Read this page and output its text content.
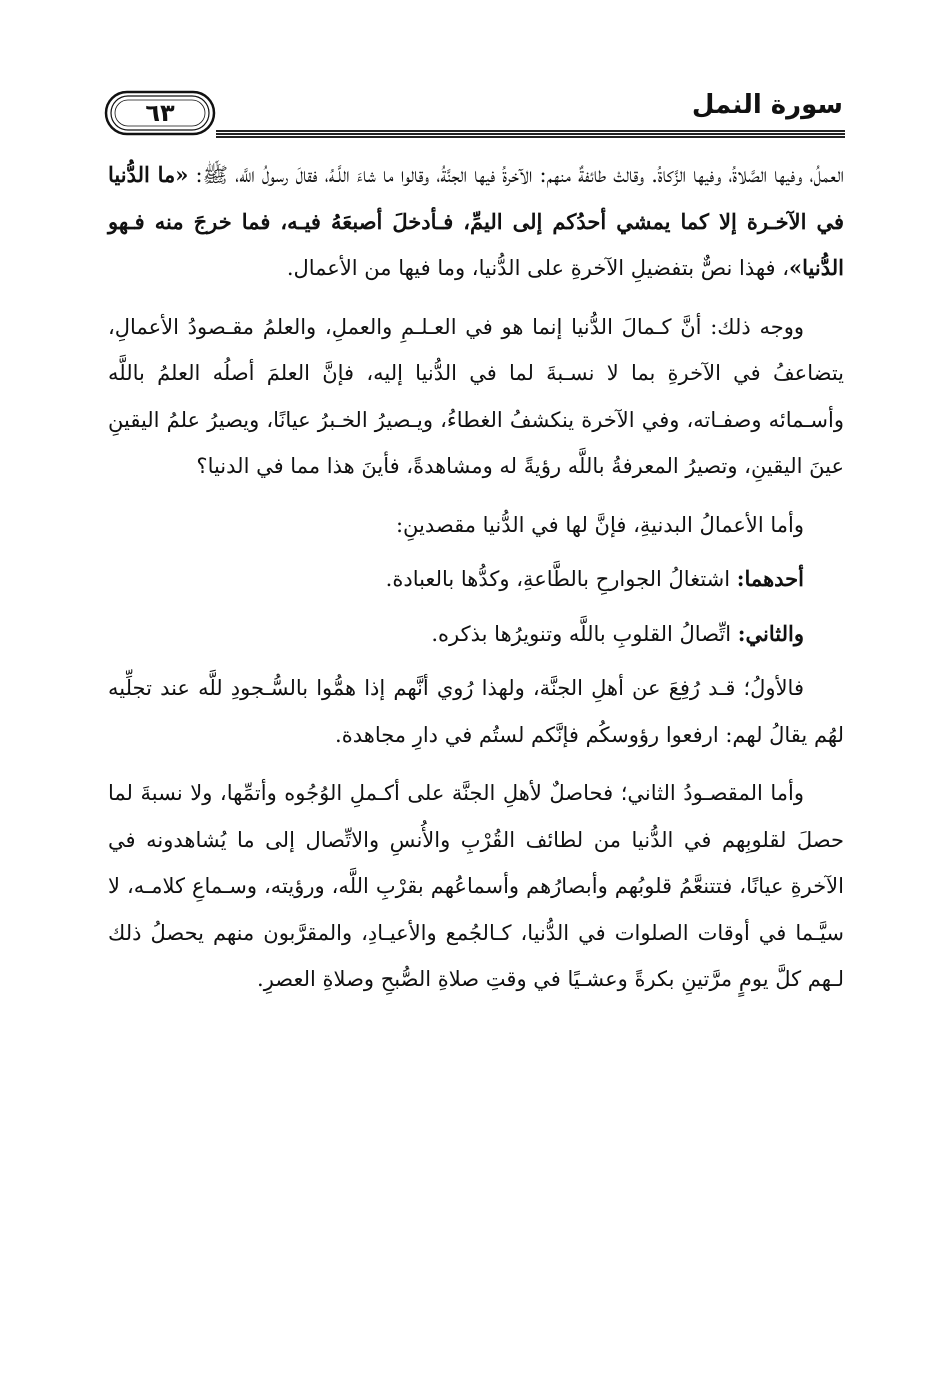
سورة النمل
٦٣

العملُ، وفيها الصَّلاةُ، وفيها الزَّكاةُ. وقالتْ طائفةٌ منهم: الآخرةُ فيها الجنَّةُ، وقالوا ما شاءَ اللَّـهُ، فقالَ رسولُ اللَّه، ﷺ: «ما الدُّنيا في الآخـرة إلا كما يمشي أحدُكم إلى اليمِّ، فـأدخلَ أصبعَهُ فيـه، فما خرجَ منه فـهو الدُّنيا»، فهذا نصٌّ بتفضيلِ الآخرةِ على الدُّنيا، وما فيها من الأعمال.

ووجه ذلك: أنَّ كـمالَ الدُّنيا إنما هو في العـلـمِ والعملِ، والعلمُ مقـصودُ الأعمالِ، يتضاعفُ في الآخرةِ بما لا نسـبةَ لما في الدُّنيا إليه، فإنَّ العلمَ أصلُه العلمُ باللَّه وأسـمائه وصفـاته، وفي الآخرة ينكشفُ الغطاءُ، ويـصيرُ الخـبرُ عيانًا، ويصيرُ علمُ اليقينِ عينَ اليقينِ، وتصيرُ المعرفةُ باللَّه رؤيةً له ومشاهدةً، فأينَ هذا مما في الدنيا؟

وأما الأعمالُ البدنيةِ، فإنَّ لها في الدُّنيا مقصدينِ:

أحدهما: اشتغالُ الجوارحِ بالطَّاعةِ، وكدُّها بالعبادة.

والثاني: اتِّصالُ القلوبِ باللَّه وتنويرُها بذكره.

فالأولُ؛ قـد رُفِعَ عن أهلِ الجنَّة، ولهذا رُوي أنَّهم إذا همُّوا بالسُّـجودِ للَّه عند تجلِّيه لهُم يقالُ لهم: ارفعوا رؤوسكُم فإنَّكم لستُم في دارِ مجاهدة.

وأما المقصـودُ الثاني؛ فحاصلٌ لأهلِ الجنَّة على أكـملِ الوُجُوه وأتمِّها، ولا نسبةَ لما حصلَ لقلوبِهم في الدُّنيا من لطائف القُرْبِ والأُنسِ والاتِّصال إلى ما يُشاهدونه في الآخرةِ عيانًا، فتتنعَّمُ قلوبُهم وأبصارُهم وأسماعُهم بقرْبِ اللَّه، ورؤيته، وسـماعِ كلامـه، لا سيَّـما في أوقات الصلوات في الدُّنيا، كـالجُمع والأعيـادِ، والمقرَّبون منهم يحصلُ ذلك لـهم كلَّ يومٍ مرَّتينِ بكرةً وعشـيًا في وقتِ صلاةِ الصُّبحِ وصلاةِ العصرِ.
